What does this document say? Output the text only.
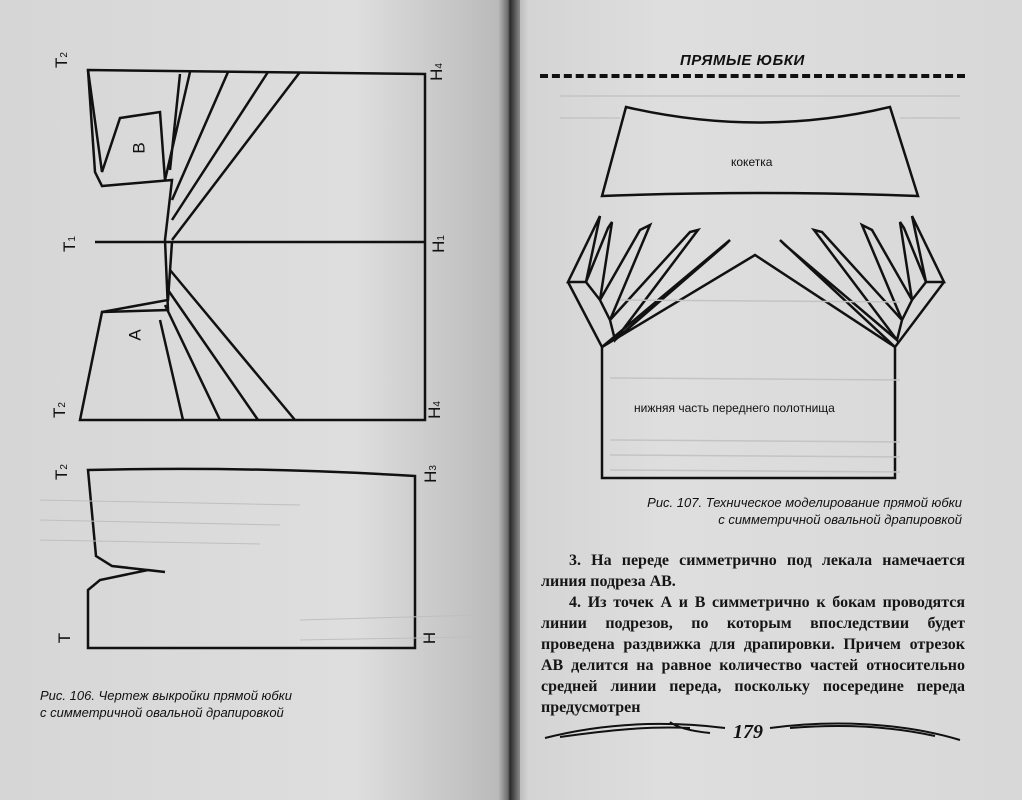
T2
H4
T1
H1
T2
H4
B
A
T2
H3
T	H
Рис. 106. Чертеж выкройки прямой юбки
с симметричной овальной драпировкой
ПРЯМЫЕ ЮБКИ
кокетка
нижняя часть переднего полотнища
Рис. 107. Техническое моделирование прямой юбки
с симметричной овальной драпировкой
3. На переде симметрично под лекала намечается линия подреза АВ.
4. Из точек А и В симметрично к бокам проводятся линии подрезов, по которым впоследствии будет проведена раздвижка для драпировки. Причем отрезок АВ делится на равное количество частей относительно средней линии переда, поскольку посередине переда предусмотрен
179
